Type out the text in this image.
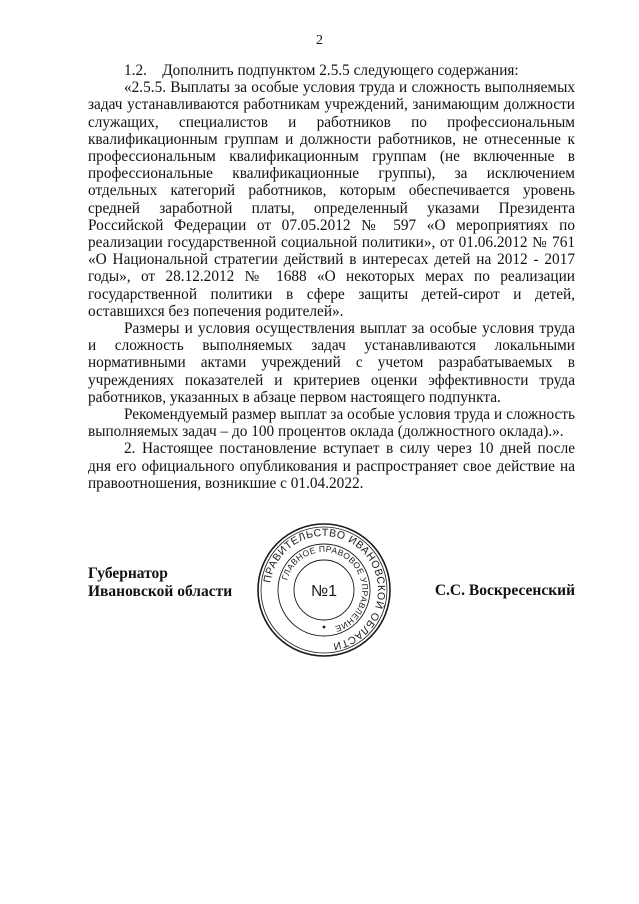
2

1.2.    Дополнить подпунктом 2.5.5 следующего содержания:

«2.5.5. Выплаты за особые условия труда и сложность выполняемых задач устанавливаются работникам учреждений, занимающим должности служащих, специалистов и работников по профессиональным квалификационным группам и должности работников, не отнесенные к профессиональным квалификационным группам (не включенные в профессиональные квалификационные группы), за исключением отдельных категорий работников, которым обеспечивается уровень средней заработной платы, определенный указами Президента Российской Федерации от 07.05.2012 № 597 «О мероприятиях по реализации государственной социальной политики», от 01.06.2012 № 761 «О Национальной стратегии действий в интересах детей на 2012 - 2017 годы», от 28.12.2012 № 1688 «О некоторых мерах по реализации государственной политики в сфере защиты детей-сирот и детей, оставшихся без попечения родителей».

Размеры и условия осуществления выплат за особые условия труда и сложность выполняемых задач устанавливаются локальными нормативными актами учреждений с учетом разрабатываемых в учреждениях показателей и критериев оценки эффективности труда работников, указанных в абзаце первом настоящего подпункта.

Рекомендуемый размер выплат за особые условия труда и сложность выполняемых задач – до 100 процентов оклада (должностного оклада).».

2. Настоящее постановление вступает в силу через 10 дней после дня его официального опубликования и распространяет свое действие на правоотношения, возникшие с 01.04.2022.

Губернатор
Ивановской области	С.С. Воскресенский
ПРАВИТЕЛЬСТВО ИВАНОВСКОЙ ОБЛАСТИ
ГЛАВНОЕ ПРАВОВОЕ УПРАВЛЕНИЕ
№1
